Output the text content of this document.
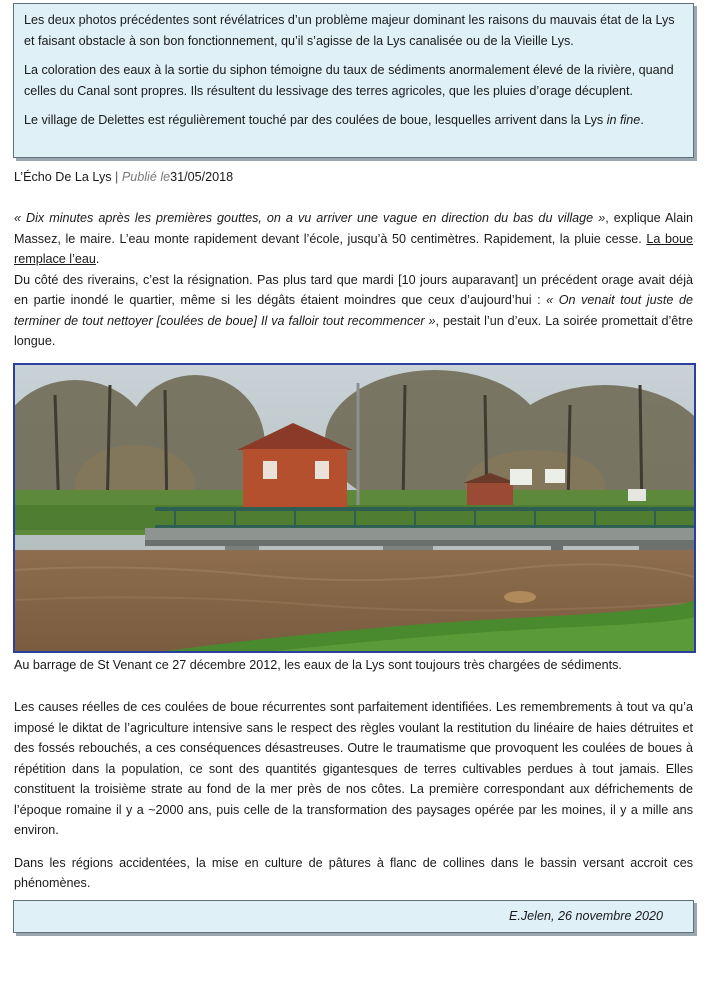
Les deux photos précédentes sont révélatrices d’un problème majeur dominant les raisons du mauvais état de la Lys et faisant obstacle à son bon fonctionnement, qu’il s’agisse de la Lys canalisée ou de la Vieille Lys.

La coloration des eaux à la sortie du siphon témoigne du taux de sédiments anormalement élevé de la rivière, quand celles du Canal sont propres. Ils résultent du lessivage des terres agricoles, que les pluies d’orage décuplent.

Le village de Delettes est régulièrement touché par des coulées de boue, lesquelles arrivent dans la Lys in fine.

L’Écho De La Lys | Publié le31/05/2018

« Dix minutes après les premières gouttes, on a vu arriver une vague en direction du bas du village », explique Alain Massez, le maire. L’eau monte rapidement devant l’école, jusqu’à 50 centimètres. Rapidement, la pluie cesse. La boue remplace l’eau.

Du côté des riverains, c’est la résignation. Pas plus tard que mardi [10 jours auparavant] un précédent orage avait déjà en partie inondé le quartier, même si les dégâts étaient moindres que ceux d’aujourd’hui : « On venait tout juste de terminer de tout nettoyer [coulées de boue] Il va falloir tout recommencer », pestait l’un d’eux. La soirée promettait d’être longue.

Au barrage de St Venant ce 27 décembre 2012, les eaux de la Lys sont toujours très chargées de sédiments.

Les causes réelles de ces coulées de boue récurrentes sont parfaitement identifiées. Les remembrements à tout va qu’a imposé le diktat de l’agriculture intensive sans le respect des règles voulant la restitution du linéaire de haies détruites et des fossés rebouchés, a ces conséquences désastreuses. Outre le traumatisme que provoquent les coulées de boues à répétition dans la population, ce sont des quantités gigantesques de terres cultivables perdues à tout jamais. Elles constituent la troisième strate au fond de la mer près de nos côtes. La première correspondant aux défrichements de l’époque romaine il y a ~2000 ans, puis celle de la transformation des paysages opérée par les moines, il y a mille ans environ.

Dans les régions accidentées, la mise en culture de pâtures à flanc de collines dans le bassin versant accroit ces phénomènes.

E.Jelen, 26 novembre 2020
